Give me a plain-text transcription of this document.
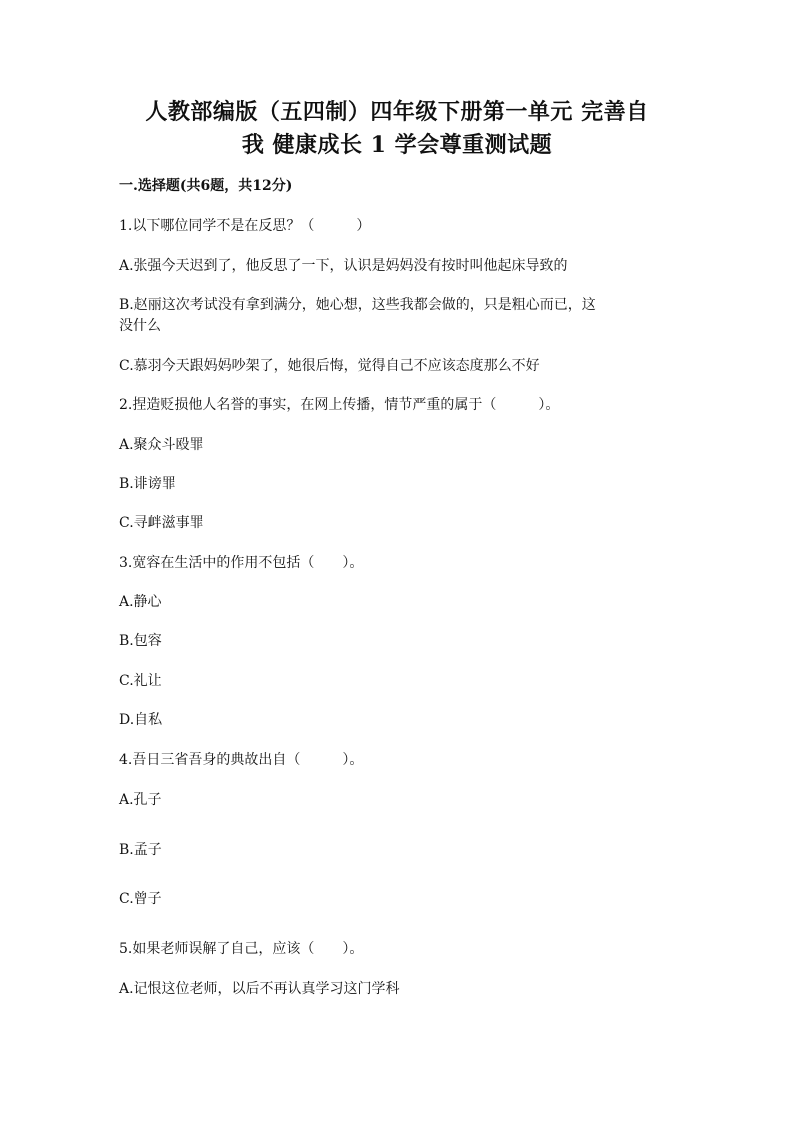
人教部编版（五四制）四年级下册第一单元 完善自
我 健康成长 1 学会尊重测试题
一.选择题(共6题，共12分)
1.以下哪位同学不是在反思？（　　　）
A.张强今天迟到了，他反思了一下，认识是妈妈没有按时叫他起床导致的
B.赵丽这次考试没有拿到满分，她心想，这些我都会做的，只是粗心而已，这
没什么
C.慕羽今天跟妈妈吵架了，她很后悔，觉得自己不应该态度那么不好
2.捏造贬损他人名誉的事实，在网上传播，情节严重的属于（　　　）。
A.聚众斗殴罪
B.诽谤罪
C.寻衅滋事罪
3.宽容在生活中的作用不包括（　　）。
A.静心
B.包容
C.礼让
D.自私
4.吾日三省吾身的典故出自（　　　）。
A.孔子
B.孟子
C.曾子
5.如果老师误解了自己，应该（　　）。
A.记恨这位老师，以后不再认真学习这门学科
